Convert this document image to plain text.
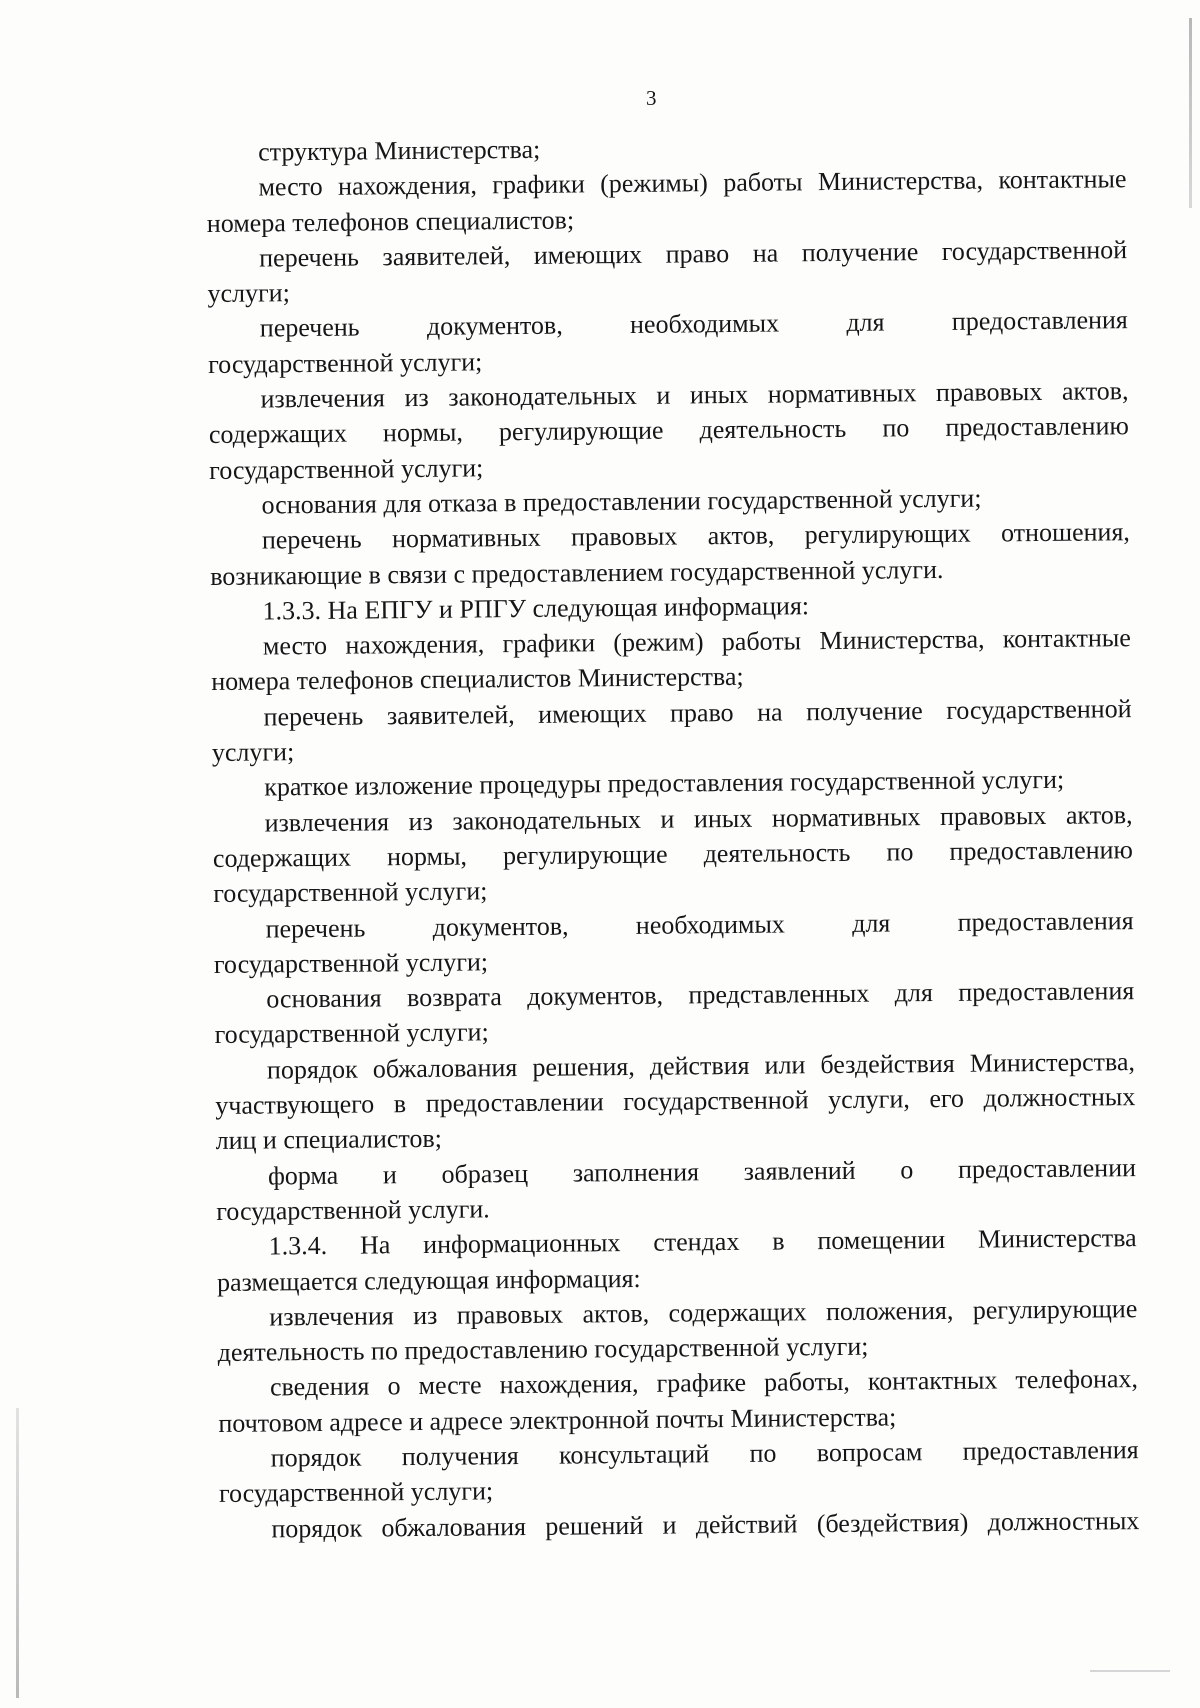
3

структура Министерства;

место нахождения, графики (режимы) работы Министерства, контактные

номера телефонов специалистов;

перечень заявителей, имеющих право на получение государственной

услуги;

перечень документов, необходимых для предоставления

государственной услуги;

извлечения из законодательных и иных нормативных правовых актов,

содержащих нормы, регулирующие деятельность по предоставлению

государственной услуги;

основания для отказа в предоставлении государственной услуги;

перечень нормативных правовых актов, регулирующих отношения,

возникающие в связи с предоставлением государственной услуги.

1.3.3. На ЕПГУ и РПГУ следующая информация:

место нахождения, графики (режим) работы Министерства, контактные

номера телефонов специалистов Министерства;

перечень заявителей, имеющих право на получение государственной

услуги;

краткое изложение процедуры предоставления государственной услуги;

извлечения из законодательных и иных нормативных правовых актов,

содержащих нормы, регулирующие деятельность по предоставлению

государственной услуги;

перечень документов, необходимых для предоставления

государственной услуги;

основания возврата документов, представленных для предоставления

государственной услуги;

порядок обжалования решения, действия или бездействия Министерства,

участвующего в предоставлении государственной услуги, его должностных

лиц и специалистов;

форма и образец заполнения заявлений о предоставлении

государственной услуги.

1.3.4. На информационных стендах в помещении Министерства

размещается следующая информация:

извлечения из правовых актов, содержащих положения, регулирующие

деятельность по предоставлению государственной услуги;

сведения о месте нахождения, графике работы, контактных телефонах,

почтовом адресе и адресе электронной почты Министерства;

порядок получения консультаций по вопросам предоставления

государственной услуги;

порядок обжалования решений и действий (бездействия) должностных
